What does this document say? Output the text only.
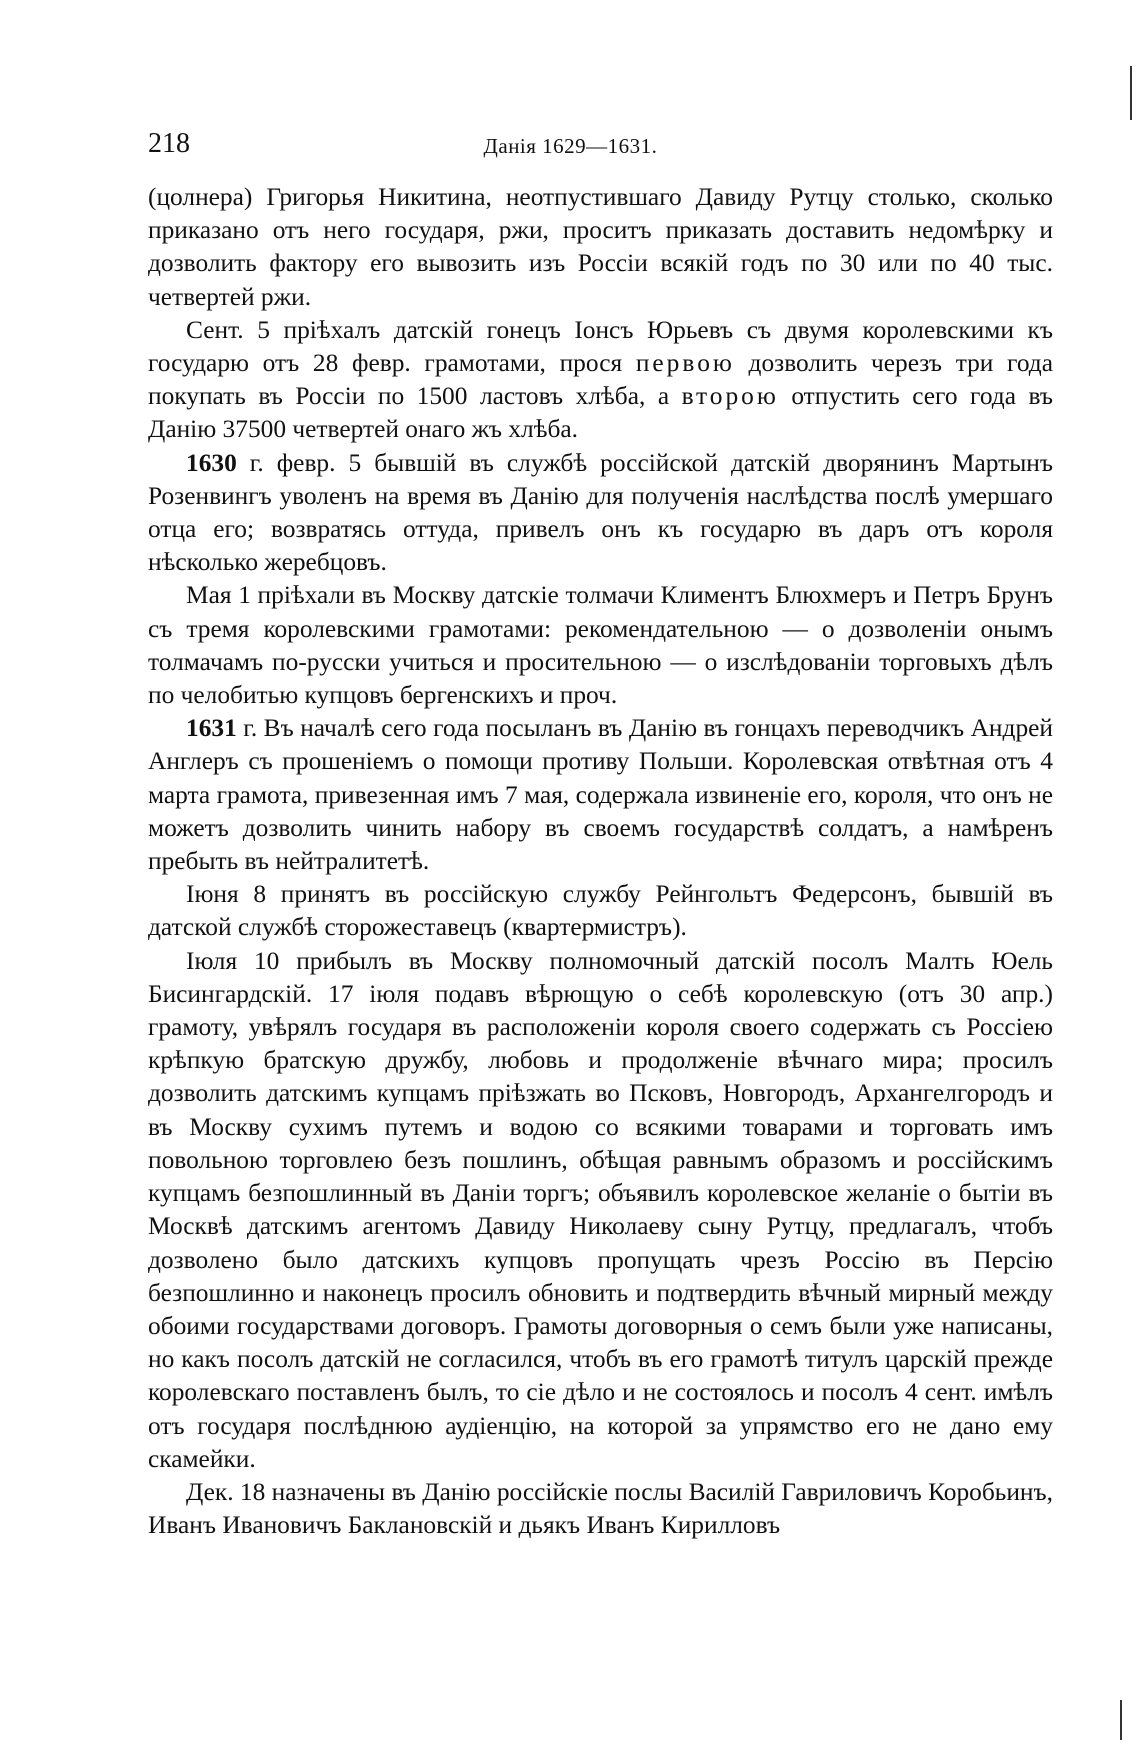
218	Данія 1629—1631.

(цолнера) Григорья Никитина, неотпустившаго Давиду Рутцу столько, сколько приказано отъ него государя, ржи, проситъ приказать доставить недомѣрку и дозволить фактору его вывозить изъ Россіи всякій годъ по 30 или по 40 тыс. четвертей ржи.

Сент. 5 пріѣхалъ датскій гонецъ Іонсъ Юрьевъ съ двумя королевскими къ государю отъ 28 февр. грамотами, прося первою дозволить черезъ три года покупать въ Россіи по 1500 ластовъ хлѣба, а второю отпустить сего года въ Данію 37500 четвертей онаго жъ хлѣба.

1630 г. февр. 5 бывшій въ службѣ россійской датскій дворянинъ Мартынъ Розенвингъ уволенъ на время въ Данію для полученія наслѣдства послѣ умершаго отца его; возвратясь оттуда, привелъ онъ къ государю въ даръ отъ короля нѣсколько жеребцовъ.

Мая 1 пріѣхали въ Москву датскіе толмачи Климентъ Блюхмеръ и Петръ Брунъ съ тремя королевскими грамотами: рекомендательною — о дозволеніи онымъ толмачамъ по-русски учиться и просительною — о изслѣдованіи торговыхъ дѣлъ по челобитью купцовъ бергенскихъ и проч.

1631 г. Въ началѣ сего года посыланъ въ Данію въ гонцахъ переводчикъ Андрей Англеръ съ прошеніемъ о помощи противу Польши. Королевская отвѣтная отъ 4 марта грамота, привезенная имъ 7 мая, содержала извиненіе его, короля, что онъ не можетъ дозволить чинить набору въ своемъ государствѣ солдатъ, а намѣренъ пребыть въ нейтралитетѣ.

Іюня 8 принятъ въ россійскую службу Рейнгольтъ Федерсонъ, бывшій въ датской службѣ сторожеставецъ (квартермистръ).

Іюля 10 прибылъ въ Москву полномочный датскій посолъ Малть Юель Бисингардскій. 17 іюля подавъ вѣрющую о себѣ королевскую (отъ 30 апр.) грамоту, увѣрялъ государя въ расположеніи короля своего содержать съ Россіею крѣпкую братскую дружбу, любовь и продолженіе вѣчнаго мира; просилъ дозволить датскимъ купцамъ пріѣзжать во Псковъ, Новгородъ, Архангелгородъ и въ Москву сухимъ путемъ и водою со всякими товарами и торговать имъ повольною торговлею безъ пошлинъ, обѣщая равнымъ образомъ и россійскимъ купцамъ безпошлинный въ Даніи торгъ; объявилъ королевское желаніе о бытіи въ Москвѣ датскимъ агентомъ Давиду Николаеву сыну Рутцу, предлагалъ, чтобъ дозволено было датскихъ купцовъ пропущать чрезъ Россію въ Персію безпошлинно и наконецъ просилъ обновить и подтвердить вѣчный мирный между обоими государствами договоръ. Грамоты договорныя о семъ были уже написаны, но какъ посолъ датскій не согласился, чтобъ въ его грамотѣ титулъ царскій прежде королевскаго поставленъ былъ, то сіе дѣло и не состоялось и посолъ 4 сент. имѣлъ отъ государя послѣднюю аудіенцію, на которой за упрямство его не дано ему скамейки.

Дек. 18 назначены въ Данію россійскіе послы Василій Гавриловичъ Коробьинъ, Иванъ Ивановичъ Баклановскій и дьякъ Иванъ Кирилловъ
